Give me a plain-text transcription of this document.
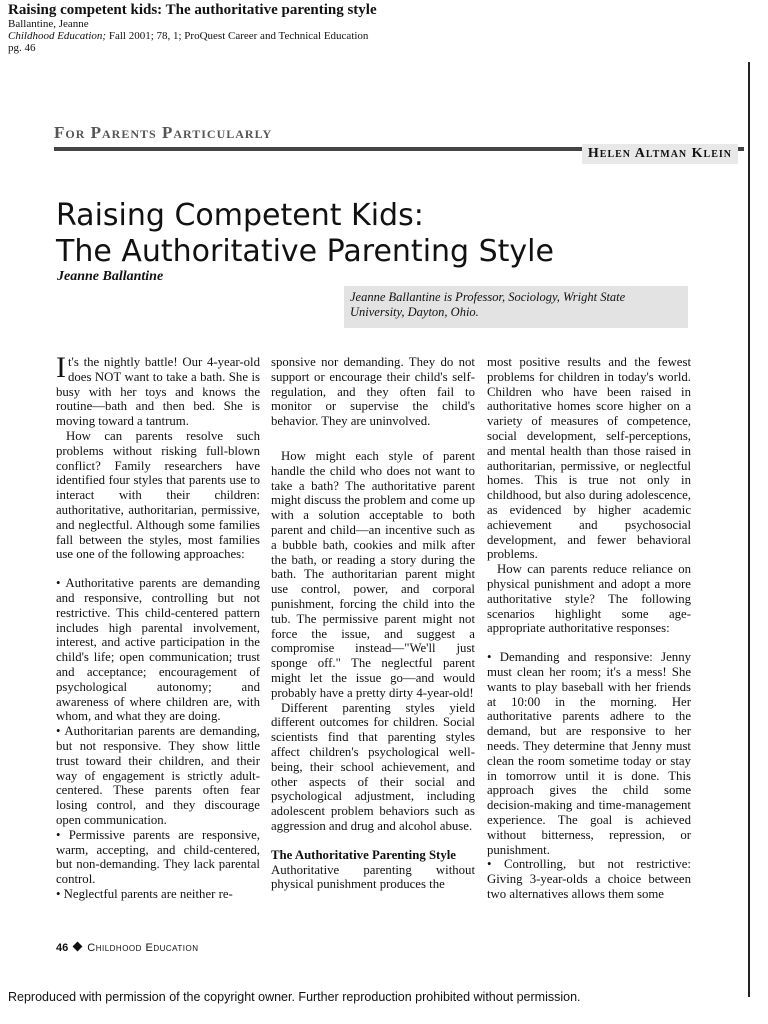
Raising competent kids: The authoritative parenting style
Ballantine, Jeanne
Childhood Education; Fall 2001; 78, 1; ProQuest Career and Technical Education
pg. 46
For Parents Particularly
Helen Altman Klein
Raising Competent Kids:
The Authoritative Parenting Style
Jeanne Ballantine
Jeanne Ballantine is Professor, Sociology, Wright State University, Dayton, Ohio.

It's the nightly battle! Our 4-year-old does NOT want to take a bath. She is busy with her toys and knows the routine—bath and then bed. She is moving toward a tantrum.

How can parents resolve such problems without risking full-blown conflict? Family researchers have identified four styles that parents use to interact with their children: authoritative, authoritarian, permissive, and neglectful. Although some families fall between the styles, most families use one of the following approaches:

• Authoritative parents are demanding and responsive, controlling but not restrictive. This child-centered pattern includes high parental involvement, interest, and active participation in the child's life; open communication; trust and acceptance; encouragement of psychological autonomy; and awareness of where children are, with whom, and what they are doing.

• Authoritarian parents are demanding, but not responsive. They show little trust toward their children, and their way of engagement is strictly adult-centered. These parents often fear losing control, and they discourage open communication.

• Permissive parents are responsive, warm, accepting, and child-centered, but non-demanding. They lack parental control.

• Neglectful parents are neither re-

sponsive nor demanding. They do not support or encourage their child's self-regulation, and they often fail to monitor or supervise the child's behavior. They are uninvolved.

How might each style of parent handle the child who does not want to take a bath? The authoritative parent might discuss the problem and come up with a solution acceptable to both parent and child—an incentive such as a bubble bath, cookies and milk after the bath, or reading a story during the bath. The authoritarian parent might use control, power, and corporal punishment, forcing the child into the tub. The permissive parent might not force the issue, and suggest a compromise instead—"We'll just sponge off." The neglectful parent might let the issue go—and would probably have a pretty dirty 4-year-old!

Different parenting styles yield different outcomes for children. Social scientists find that parenting styles affect children's psychological well-being, their school achievement, and other aspects of their social and psychological adjustment, including adolescent problem behaviors such as aggression and drug and alcohol abuse.

The Authoritative Parenting Style

Authoritative parenting without physical punishment produces the

most positive results and the fewest problems for children in today's world. Children who have been raised in authoritative homes score higher on a variety of measures of competence, social development, self-perceptions, and mental health than those raised in authoritarian, permissive, or neglectful homes. This is true not only in childhood, but also during adolescence, as evidenced by higher academic achievement and psychosocial development, and fewer behavioral problems.

How can parents reduce reliance on physical punishment and adopt a more authoritative style? The following scenarios highlight some age-appropriate authoritative responses:

• Demanding and responsive: Jenny must clean her room; it's a mess! She wants to play baseball with her friends at 10:00 in the morning. Her authoritative parents adhere to the demand, but are responsive to her needs. They determine that Jenny must clean the room sometime today or stay in tomorrow until it is done. This approach gives the child some decision-making and time-management experience. The goal is achieved without bitterness, repression, or punishment.

• Controlling, but not restrictive: Giving 3-year-olds a choice between two alternatives allows them some

46 Childhood Education
Reproduced with permission of the copyright owner. Further reproduction prohibited without permission.
